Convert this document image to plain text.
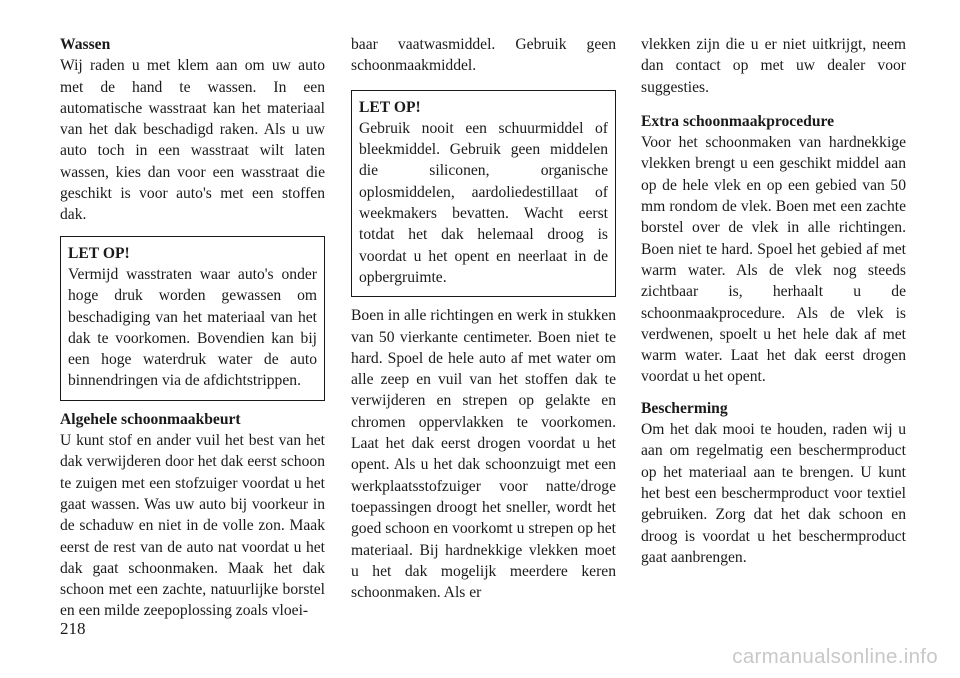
Wassen

Wij raden u met klem aan om uw auto met de hand te wassen. In een automatische wasstraat kan het materiaal van het dak beschadigd raken. Als u uw auto toch in een wasstraat wilt laten wassen, kies dan voor een wasstraat die geschikt is voor auto's met een stoffen dak.

LET OP!

Vermijd wasstraten waar auto's onder hoge druk worden gewassen om beschadiging van het materiaal van het dak te voorkomen. Bovendien kan bij een hoge waterdruk water de auto binnendringen via de afdichtstrippen.

Algehele schoonmaakbeurt

U kunt stof en ander vuil het best van het dak verwijderen door het dak eerst schoon te zuigen met een stofzuiger voordat u het gaat wassen. Was uw auto bij voorkeur in de schaduw en niet in de volle zon. Maak eerst de rest van de auto nat voordat u het dak gaat schoonmaken. Maak het dak schoon met een zachte, natuurlijke borstel en een milde zeepoplossing zoals vloei-

baar vaatwasmiddel. Gebruik geen schoonmaakmiddel.

LET OP!

Gebruik nooit een schuurmiddel of bleekmiddel. Gebruik geen middelen die siliconen, organische oplosmiddelen, aardoliedestillaat of weekmakers bevatten. Wacht eerst totdat het dak helemaal droog is voordat u het opent en neerlaat in de opbergruimte.

Boen in alle richtingen en werk in stukken van 50 vierkante centimeter. Boen niet te hard. Spoel de hele auto af met water om alle zeep en vuil van het stoffen dak te verwijderen en strepen op gelakte en chromen oppervlakken te voorkomen. Laat het dak eerst drogen voordat u het opent. Als u het dak schoonzuigt met een werkplaatsstofzuiger voor natte/droge toepassingen droogt het sneller, wordt het goed schoon en voorkomt u strepen op het materiaal. Bij hardnekkige vlekken moet u het dak mogelijk meerdere keren schoonmaken. Als er

vlekken zijn die u er niet uitkrijgt, neem dan contact op met uw dealer voor suggesties.

Extra schoonmaakprocedure

Voor het schoonmaken van hardnekkige vlekken brengt u een geschikt middel aan op de hele vlek en op een gebied van 50 mm rondom de vlek. Boen met een zachte borstel over de vlek in alle richtingen. Boen niet te hard. Spoel het gebied af met warm water. Als de vlek nog steeds zichtbaar is, herhaalt u de schoonmaakprocedure. Als de vlek is verdwenen, spoelt u het hele dak af met warm water. Laat het dak eerst drogen voordat u het opent.

Bescherming

Om het dak mooi te houden, raden wij u aan om regelmatig een beschermproduct op het materiaal aan te brengen. U kunt het best een beschermproduct voor textiel gebruiken. Zorg dat het dak schoon en droog is voordat u het beschermproduct gaat aanbrengen.

218
carmanualsonline.info
